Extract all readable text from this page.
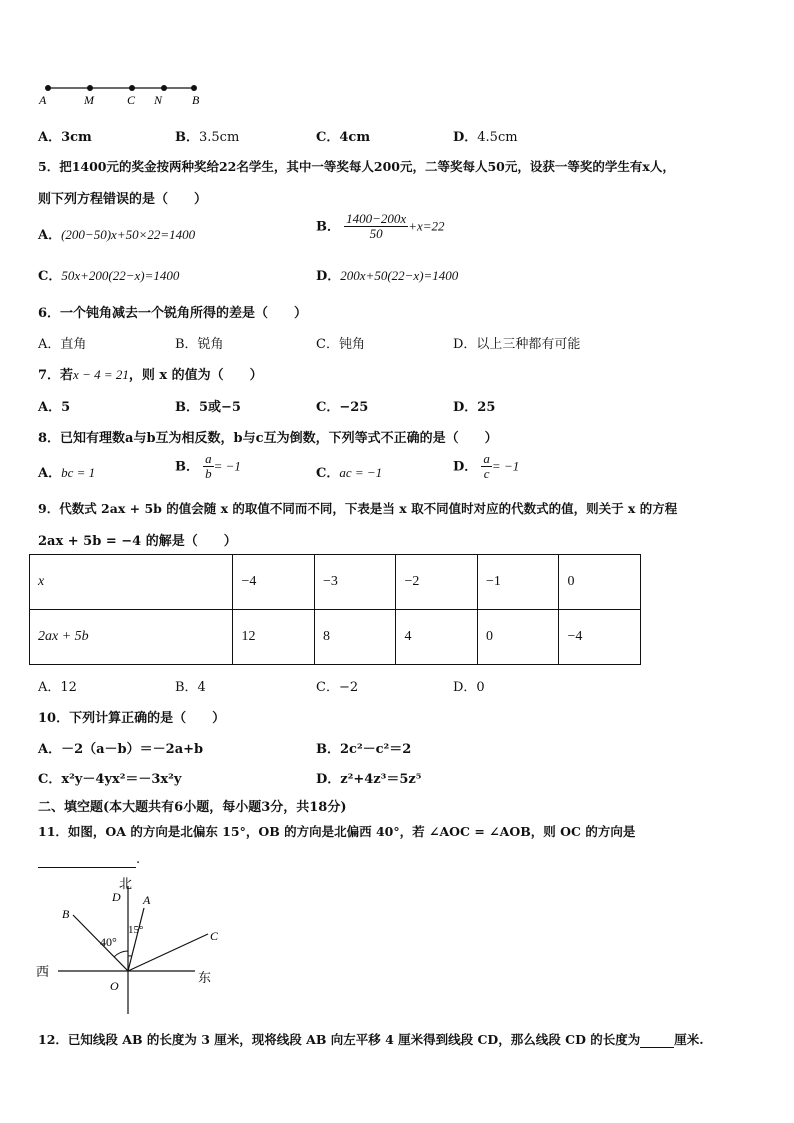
A	M	C N B
A．3cm	B．3.5cm	C．4cm	D．4.5cm
5．把1400元的奖金按两种奖给22名学生，其中一等奖每人200元，二等奖每人50元，设获一等奖的学生有x人，
则下列方程错误的是（　　）
A．(200−50)x+50×22=1400
B． $\frac{1400-200x}{50} +x=22$
C．50x+200(22−x)=1400	D．200x+50(22−x)=1400
6．一个钝角减去一个锐角所得的差是（　　）
A．直角	B．锐角	C．钝角	D．以上三种都有可能
7．若x − 4 = 21，则 x 的值为（　　）
A．5	B．5或−5	C．−25	D．25
8．已知有理数a与b互为相反数，b与c互为倒数，下列等式不正确的是（　　）
A．bc = 1	B． $\frac{a}{b} = -1$
C．ac = −1	D． $\frac{a}{c} = -1$
9．代数式 2ax + 5b 的值会随 x 的取值不同而不同，下表是当 x 取不同值时对应的代数式的值，则关于 x 的方程
2ax + 5b = −4 的解是（　　）
x	−4	−3	−2	−1	0
2ax + 5b	12	8	4	0	−4
A．12	B．4	C．−2	D．0
10．下列计算正确的是（　　）
A．－2（a－b）＝－2a+b	B．2c²－c²＝2
C．x²y－4yx²＝－3x²y	D．z²+4z³＝5z⁵
二、填空题(本大题共有6小题，每小题3分，共18分)
11．如图，OA 的方向是北偏东 15°，OB 的方向是北偏西 40°，若 ∠AOC = ∠AOB，则 OC 的方向是
.
北
D A
B
C
40°
15°
西	东
O
12．已知线段 AB 的长度为 3 厘米，现将线段 AB 向左平移 4 厘米得到线段 CD，那么线段 CD 的长度为	厘米.
